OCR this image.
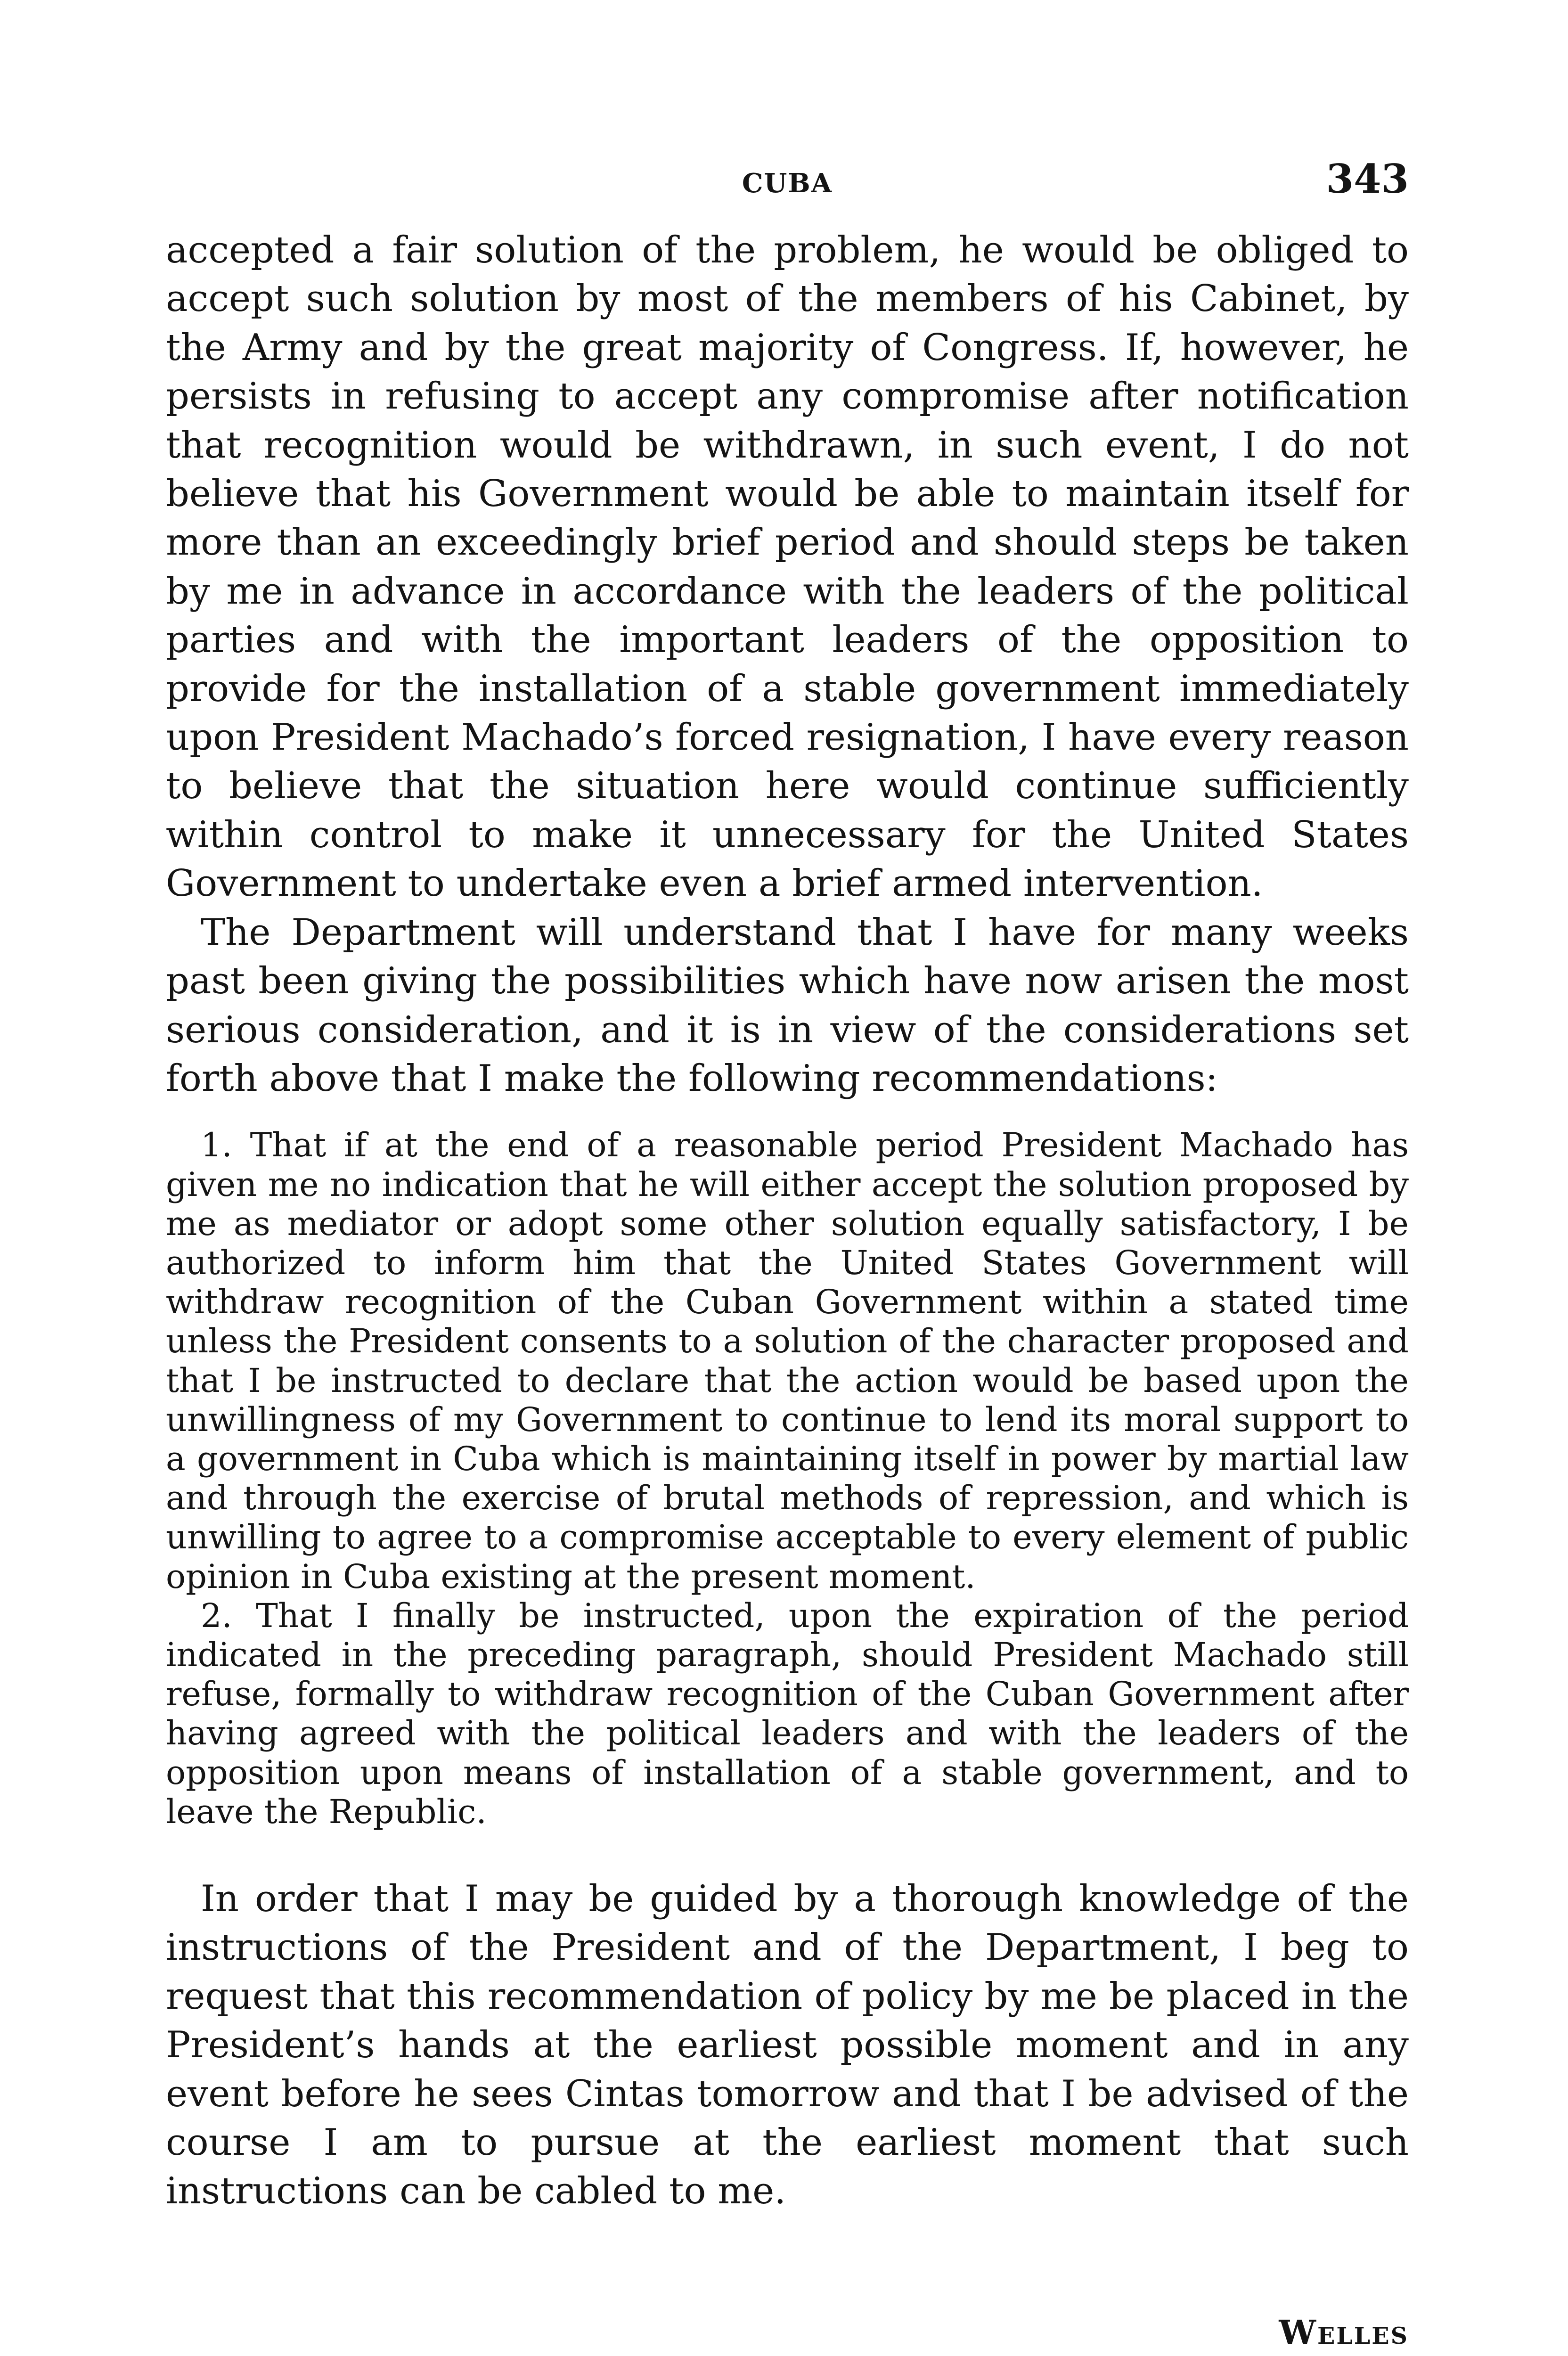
CUBA	343

accepted a fair solution of the problem, he would be obliged to accept such solution by most of the members of his Cabinet, by the Army and by the great majority of Congress. If, however, he persists in refusing to accept any compromise after notification that recognition would be withdrawn, in such event, I do not believe that his Government would be able to maintain itself for more than an exceedingly brief period and should steps be taken by me in advance in accordance with the leaders of the political parties and with the important leaders of the opposition to provide for the installation of a stable government immediately upon President Machado’s forced resignation, I have every reason to believe that the situation here would continue sufficiently within control to make it unnecessary for the United States Government to undertake even a brief armed intervention.

The Department will understand that I have for many weeks past been giving the possibilities which have now arisen the most serious consideration, and it is in view of the considerations set forth above that I make the following recommendations:

1. That if at the end of a reasonable period President Machado has given me no indication that he will either accept the solution proposed by me as mediator or adopt some other solution equally satisfactory, I be authorized to inform him that the United States Government will withdraw recognition of the Cuban Government within a stated time unless the President consents to a solution of the character proposed and that I be instructed to declare that the action would be based upon the unwillingness of my Government to continue to lend its moral support to a government in Cuba which is maintaining itself in power by martial law and through the exercise of brutal methods of repression, and which is unwilling to agree to a compromise acceptable to every element of public opinion in Cuba existing at the present moment.

2. That I finally be instructed, upon the expiration of the period indicated in the preceding paragraph, should President Machado still refuse, formally to withdraw recognition of the Cuban Government after having agreed with the political leaders and with the leaders of the opposition upon means of installation of a stable government, and to leave the Republic.

In order that I may be guided by a thorough knowledge of the instructions of the President and of the Department, I beg to request that this recommendation of policy by me be placed in the President’s hands at the earliest possible moment and in any event before he sees Cintas tomorrow and that I be advised of the course I am to pursue at the earliest moment that such instructions can be cabled to me.

Welles
